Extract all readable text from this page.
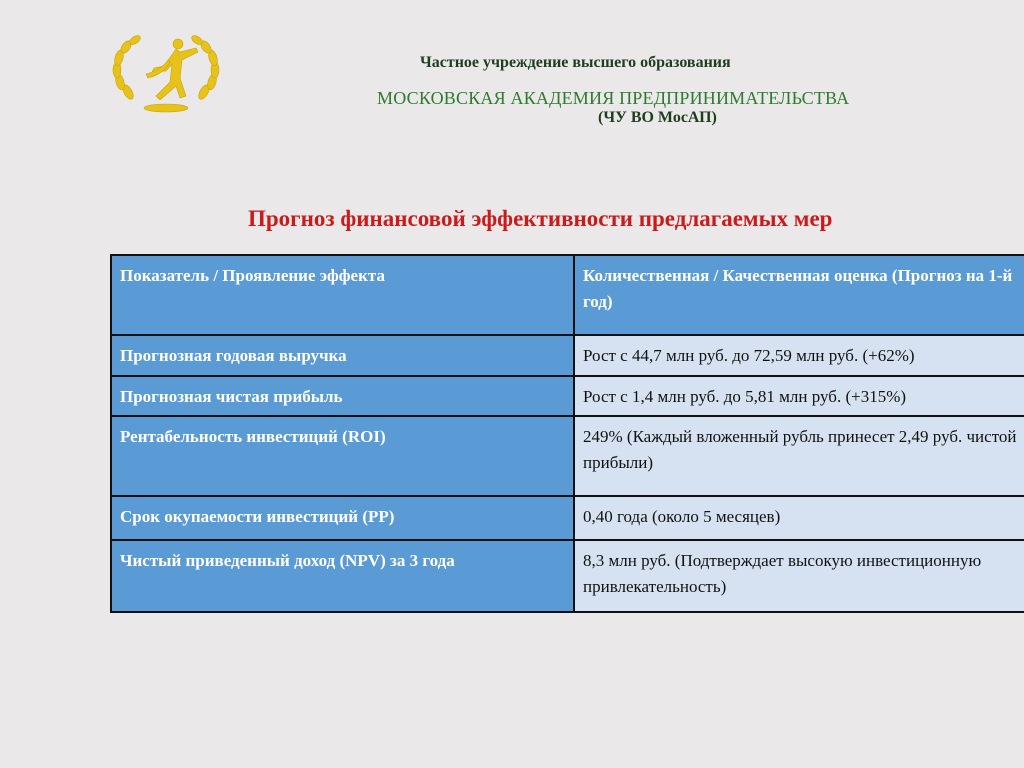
Частное учреждение высшего образования
МОСКОВСКАЯ АКАДЕМИЯ ПРЕДПРИНИМАТЕЛЬСТВА
(ЧУ ВО МосАП)
Прогноз финансовой эффективности предлагаемых мер
Показатель / Проявление эффекта	Количественная / Качественная оценка (Прогноз на 1-й год)
Прогнозная годовая выручка	Рост с 44,7 млн руб. до 72,59 млн руб. (+62%)
Прогнозная чистая прибыль	Рост с 1,4 млн руб. до 5,81 млн руб. (+315%)
Рентабельность инвестиций (ROI)	249% (Каждый вложенный рубль принесет 2,49 руб. чистой прибыли)
Срок окупаемости инвестиций (PP)	0,40 года (около 5 месяцев)
Чистый приведенный доход (NPV) за 3 года	8,3 млн руб. (Подтверждает высокую инвестиционную привлекательность)
